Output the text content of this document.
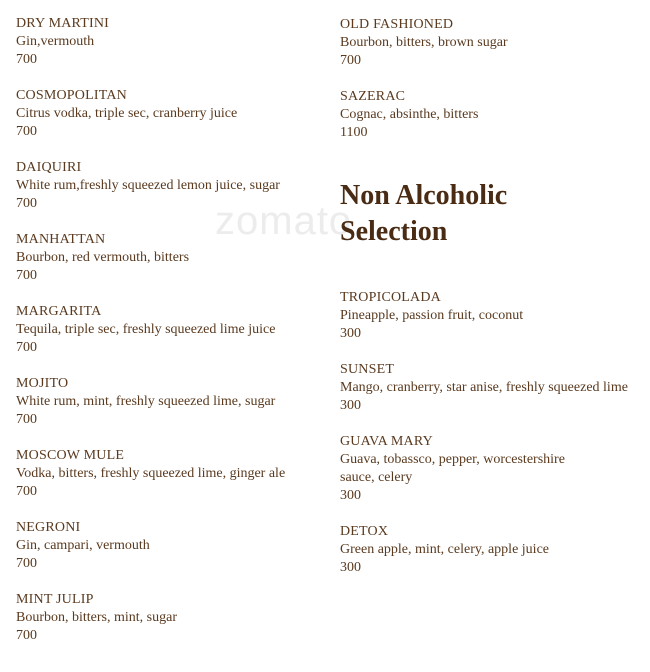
zomato
DRY MARTINI
Gin,vermouth
700
COSMOPOLITAN
Citrus vodka, triple sec, cranberry juice
700
DAIQUIRI
White rum,freshly squeezed lemon juice, sugar
700
MANHATTAN
Bourbon, red vermouth, bitters
700
MARGARITA
Tequila, triple sec, freshly squeezed lime juice
700
MOJITO
White rum, mint, freshly squeezed lime, sugar
700
MOSCOW MULE
Vodka, bitters, freshly squeezed lime, ginger ale
700
NEGRONI
Gin, campari, vermouth
700
MINT JULIP
Bourbon, bitters, mint, sugar
700
OLD FASHIONED
Bourbon, bitters, brown sugar
700
SAZERAC
Cognac, absinthe, bitters
1100
Non Alcoholic Selection
TROPICOLADA
Pineapple, passion fruit, coconut
300
SUNSET
Mango, cranberry, star anise, freshly squeezed lime
300
GUAVA MARY
Guava, tobassco, pepper, worcestershire sauce, celery
300
DETOX
Green apple, mint, celery, apple juice
300
